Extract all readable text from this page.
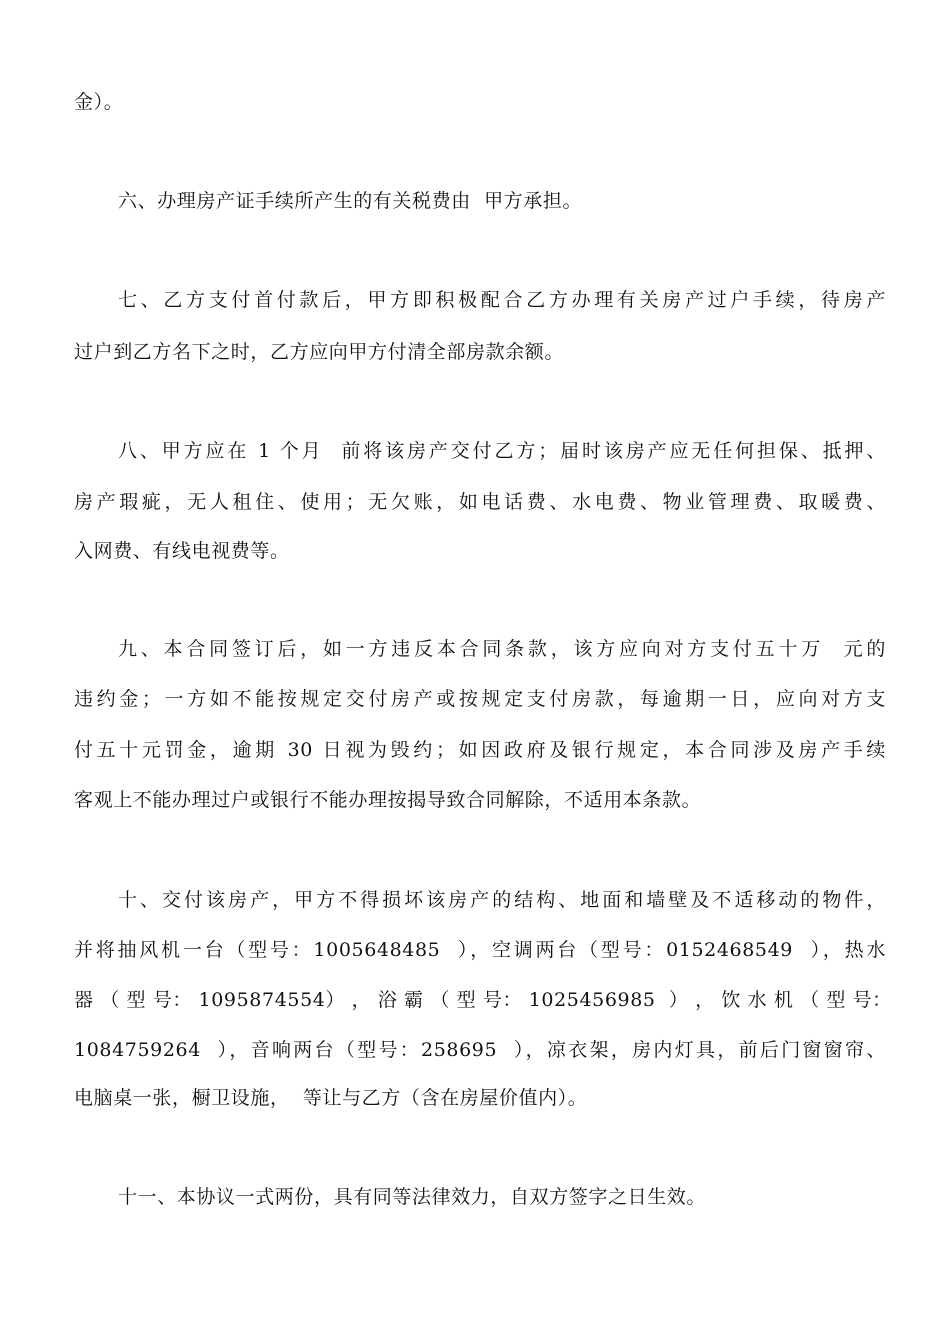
金）。
六、办理房产证手续所产生的有关税费由  甲方承担。
七、乙方支付首付款后，甲方即积极配合乙方办理有关房产过户手续，待房产
过户到乙方名下之时，乙方应向甲方付清全部房款余额。
八、甲方应在 1 个月  前将该房产交付乙方；届时该房产应无任何担保、抵押、
房产瑕疵，无人租住、使用；无欠账，如电话费、水电费、物业管理费、取暖费、
入网费、有线电视费等。
九、本合同签订后，如一方违反本合同条款，该方应向对方支付五十万  元的
违约金；一方如不能按规定交付房产或按规定支付房款，每逾期一日，应向对方支
付五十元罚金，逾期 30 日视为毁约；如因政府及银行规定，本合同涉及房产手续
客观上不能办理过户或银行不能办理按揭导致合同解除，不适用本条款。
十、交付该房产，甲方不得损坏该房产的结构、地面和墙壁及不适移动的物件，
并将抽风机一台（型号：1005648485  ），空调两台（型号：0152468549  ），热水
器 （ 型 号： 1095874554） ， 浴 霸 （ 型 号： 1025456985  ） ， 饮 水 机 （ 型 号：
1084759264  ），音响两台（型号：258695  ），凉衣架，房内灯具，前后门窗窗帘、
电脑桌一张，橱卫设施，  等让与乙方（含在房屋价值内）。
十一、本协议一式两份，具有同等法律效力，自双方签字之日生效。
